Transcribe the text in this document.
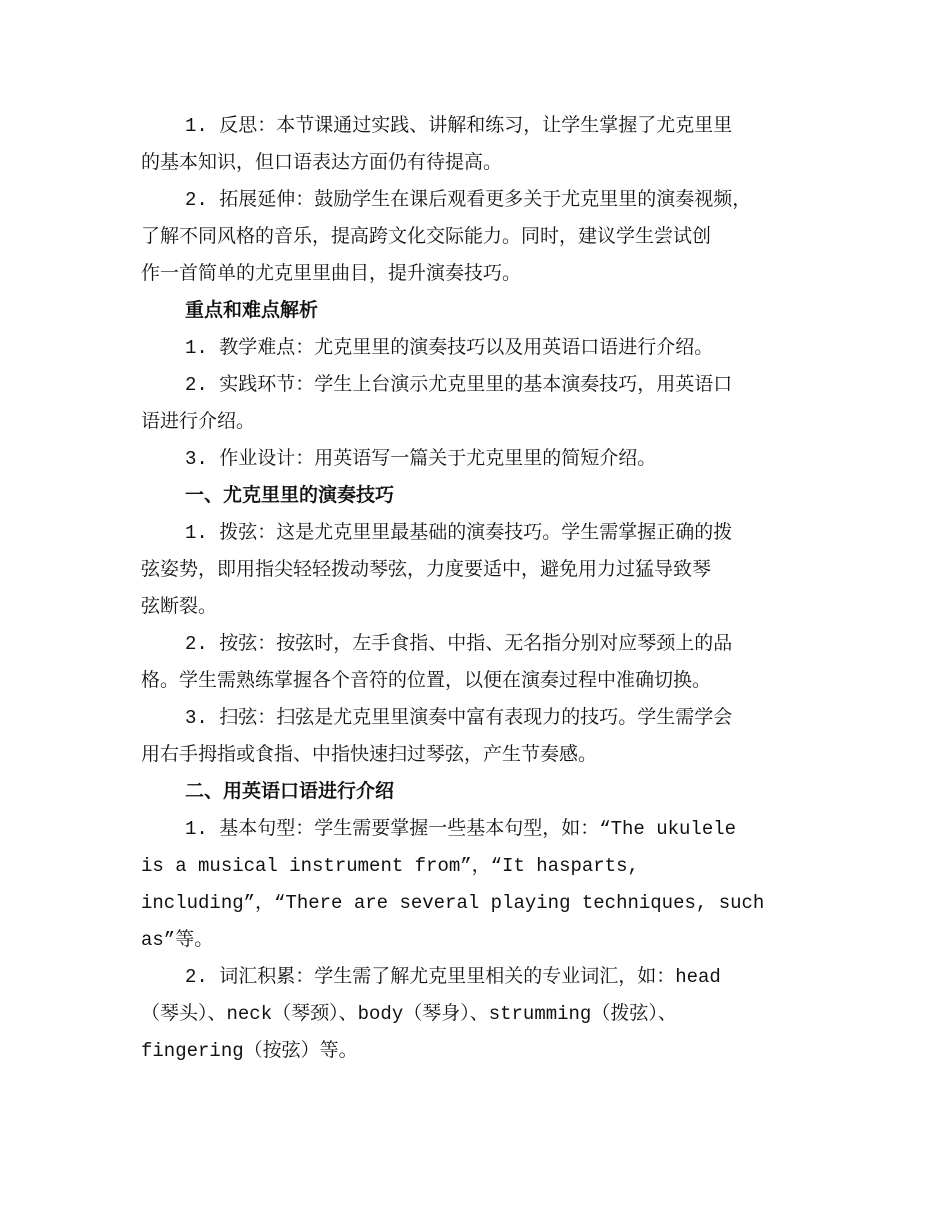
1. 反思：本节课通过实践、讲解和练习，让学生掌握了尤克里里
的基本知识，但口语表达方面仍有待提高。
2. 拓展延伸：鼓励学生在课后观看更多关于尤克里里的演奏视频，
了解不同风格的音乐，提高跨文化交际能力。同时，建议学生尝试创
作一首简单的尤克里里曲目，提升演奏技巧。
重点和难点解析
1. 教学难点：尤克里里的演奏技巧以及用英语口语进行介绍。
2. 实践环节：学生上台演示尤克里里的基本演奏技巧，用英语口
语进行介绍。
3. 作业设计：用英语写一篇关于尤克里里的简短介绍。
一、尤克里里的演奏技巧
1. 拨弦：这是尤克里里最基础的演奏技巧。学生需掌握正确的拨
弦姿势，即用指尖轻轻拨动琴弦，力度要适中，避免用力过猛导致琴
弦断裂。
2. 按弦：按弦时，左手食指、中指、无名指分别对应琴颈上的品
格。学生需熟练掌握各个音符的位置，以便在演奏过程中准确切换。
3. 扫弦：扫弦是尤克里里演奏中富有表现力的技巧。学生需学会
用右手拇指或食指、中指快速扫过琴弦，产生节奏感。
二、用英语口语进行介绍
1. 基本句型：学生需要掌握一些基本句型，如：“The ukulele
is a musical instrument from”，“It hasparts,
including”，“There are several playing techniques, such
as”等。
2. 词汇积累：学生需了解尤克里里相关的专业词汇，如：head
（琴头）、neck（琴颈）、body（琴身）、strumming（拨弦）、
fingering（按弦）等。
